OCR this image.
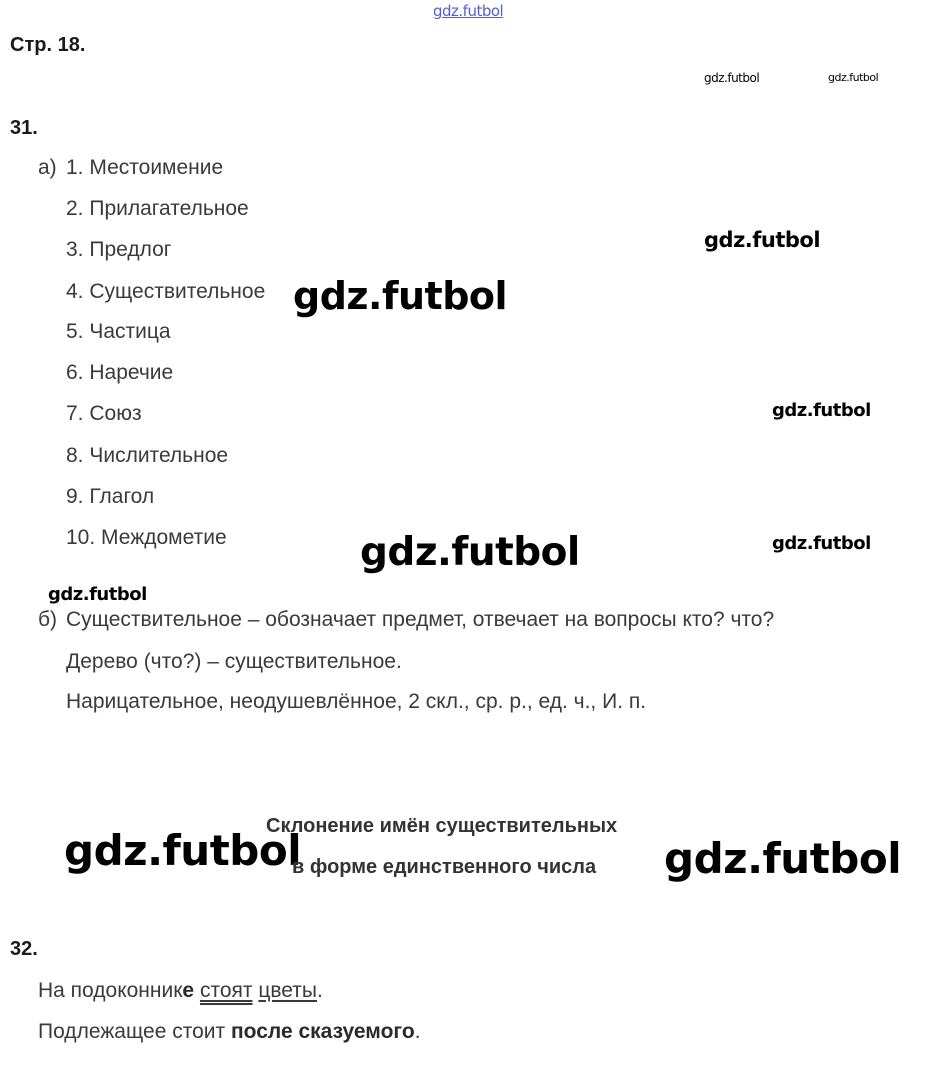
gdz.futbol
gdz.futbol	gdz.futbol
gdz.futbol
gdz.futbol
gdz.futbol
gdz.futbol	gdz.futbol
gdz.futbol
gdz.futbol	gdz.futbol
Стр. 18.
31.
а) 1. Местоимение
2. Прилагательное
3. Предлог
4. Существительное
5. Частица
6. Наречие
7. Союз
8. Числительное
9. Глагол
10. Междометие
б) Существительное – обозначает предмет, отвечает на вопросы кто? что?
Дерево (что?) – существительное.
Нарицательное, неодушевлённое, 2 скл., ср. р., ед. ч., И. п.
Склонение имён существительных
в форме единственного числа
32.
На подоконнике стоят цветы.
Подлежащее стоит после сказуемого.
